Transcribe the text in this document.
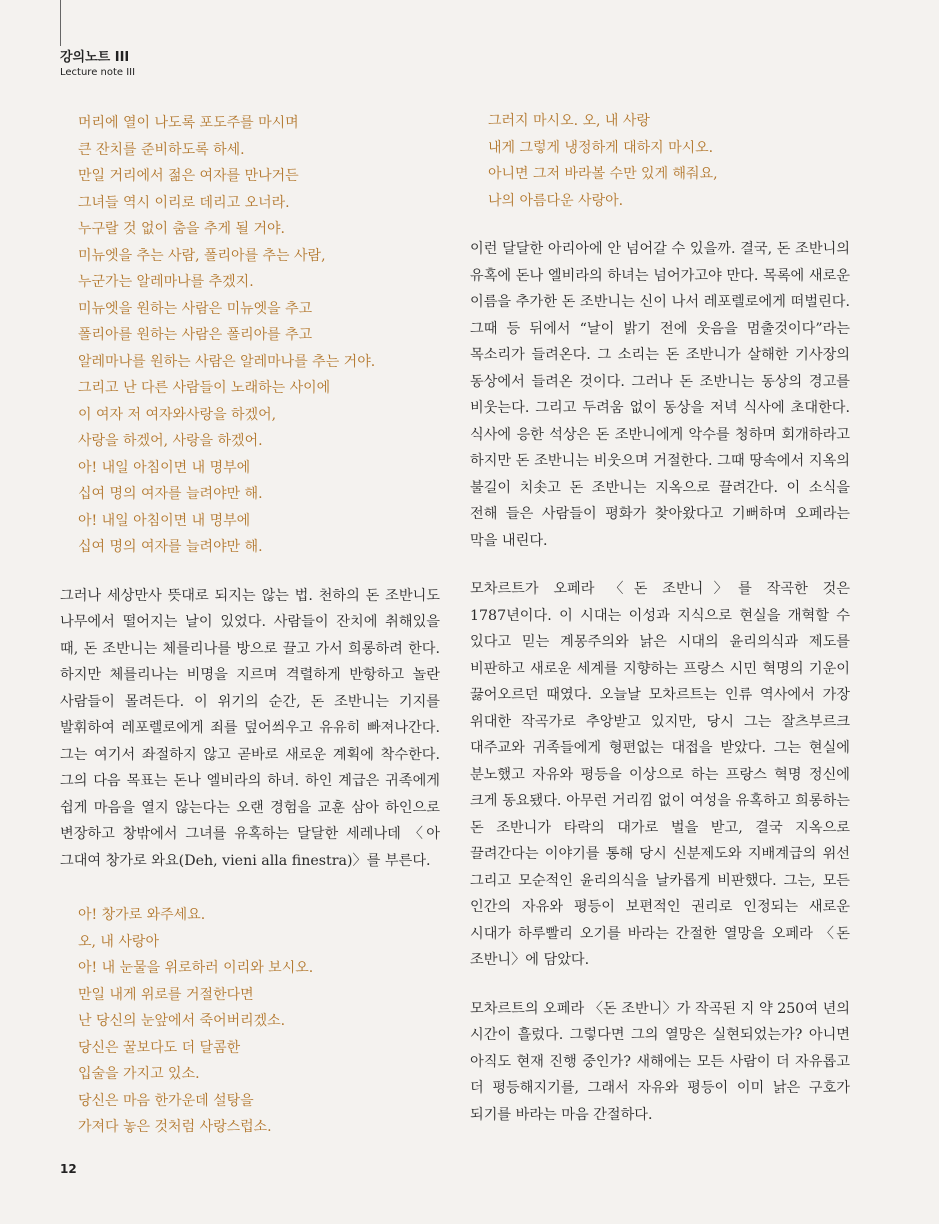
강의노트 III
Lecture note III
머리에 열이 나도록 포도주를 마시며
큰 잔치를 준비하도록 하세.
만일 거리에서 젊은 여자를 만나거든
그녀들 역시 이리로 데리고 오너라.
누구랄 것 없이 춤을 추게 될 거야.
미뉴엣을 추는 사람, 폴리아를 추는 사람,
누군가는 알레마나를 추겠지.
미뉴엣을 원하는 사람은 미뉴엣을 추고
폴리아를 원하는 사람은 폴리아를 추고
알레마나를 원하는 사람은 알레마나를 추는 거야.
그리고 난 다른 사람들이 노래하는 사이에
이 여자 저 여자와사랑을 하겠어,
사랑을 하겠어, 사랑을 하겠어.
아! 내일 아침이면 내 명부에
십여 명의 여자를 늘려야만 해.
아! 내일 아침이면 내 명부에
십여 명의 여자를 늘려야만 해.

그러나 세상만사 뜻대로 되지는 않는 법. 천하의 돈 조반니도 나무에서 떨어지는 날이 있었다. 사람들이 잔치에 취해있을 때, 돈 조반니는 체를리나를 방으로 끌고 가서 희롱하려 한다. 하지만 체를리나는 비명을 지르며 격렬하게 반항하고 놀란 사람들이 몰려든다. 이 위기의 순간, 돈 조반니는 기지를 발휘하여 레포렐로에게 죄를 덮어씌우고 유유히 빠져나간다. 그는 여기서 좌절하지 않고 곧바로 새로운 계획에 착수한다. 그의 다음 목표는 돈나 엘비라의 하녀. 하인 계급은 귀족에게 쉽게 마음을 열지 않는다는 오랜 경험을 교훈 삼아 하인으로 변장하고 창밖에서 그녀를 유혹하는 달달한 세레나데 〈아 그대여 창가로 와요(Deh, vieni alla finestra)〉를 부른다.

아! 창가로 와주세요.
오, 내 사랑아
아! 내 눈물을 위로하러 이리와 보시오.
만일 내게 위로를 거절한다면
난 당신의 눈앞에서 죽어버리겠소.
당신은 꿀보다도 더 달콤한
입술을 가지고 있소.
당신은 마음 한가운데 설탕을
가져다 놓은 것처럼 사랑스럽소.
그러지 마시오. 오, 내 사랑
내게 그렇게 냉정하게 대하지 마시오.
아니면 그저 바라볼 수만 있게 해줘요,
나의 아름다운 사랑아.

이런 달달한 아리아에 안 넘어갈 수 있을까. 결국, 돈 조반니의 유혹에 돈나 엘비라의 하녀는 넘어가고야 만다. 목록에 새로운 이름을 추가한 돈 조반니는 신이 나서 레포렐로에게 떠벌린다. 그때 등 뒤에서 “날이 밝기 전에 웃음을 멈출것이다”라는 목소리가 들려온다. 그 소리는 돈 조반니가 살해한 기사장의 동상에서 들려온 것이다. 그러나 돈 조반니는 동상의 경고를 비웃는다. 그리고 두려움 없이 동상을 저녁 식사에 초대한다. 식사에 응한 석상은 돈 조반니에게 악수를 청하며 회개하라고 하지만 돈 조반니는 비웃으며 거절한다. 그때 땅속에서 지옥의 불길이 치솟고 돈 조반니는 지옥으로 끌려간다. 이 소식을 전해 들은 사람들이 평화가 찾아왔다고 기뻐하며 오페라는 막을 내린다.

모차르트가 오페라 〈돈 조반니〉를 작곡한 것은 1787년이다. 이 시대는 이성과 지식으로 현실을 개혁할 수 있다고 믿는 계몽주의와 낡은 시대의 윤리의식과 제도를 비판하고 새로운 세계를 지향하는 프랑스 시민 혁명의 기운이 끓어오르던 때였다. 오늘날 모차르트는 인류 역사에서 가장 위대한 작곡가로 추앙받고 있지만, 당시 그는 잘츠부르크 대주교와 귀족들에게 형편없는 대접을 받았다. 그는 현실에 분노했고 자유와 평등을 이상으로 하는 프랑스 혁명 정신에 크게 동요됐다. 아무런 거리낌 없이 여성을 유혹하고 희롱하는 돈 조반니가 타락의 대가로 벌을 받고, 결국 지옥으로 끌려간다는 이야기를 통해 당시 신분제도와 지배계급의 위선 그리고 모순적인 윤리의식을 날카롭게 비판했다. 그는, 모든 인간의 자유와 평등이 보편적인 권리로 인정되는 새로운 시대가 하루빨리 오기를 바라는 간절한 열망을 오페라 〈돈 조반니〉에 담았다.

모차르트의 오페라 〈돈 조반니〉가 작곡된 지 약 250여 년의 시간이 흘렀다. 그렇다면 그의 열망은 실현되었는가? 아니면 아직도 현재 진행 중인가? 새해에는 모든 사람이 더 자유롭고 더 평등해지기를, 그래서 자유와 평등이 이미 낡은 구호가 되기를 바라는 마음 간절하다.

12
